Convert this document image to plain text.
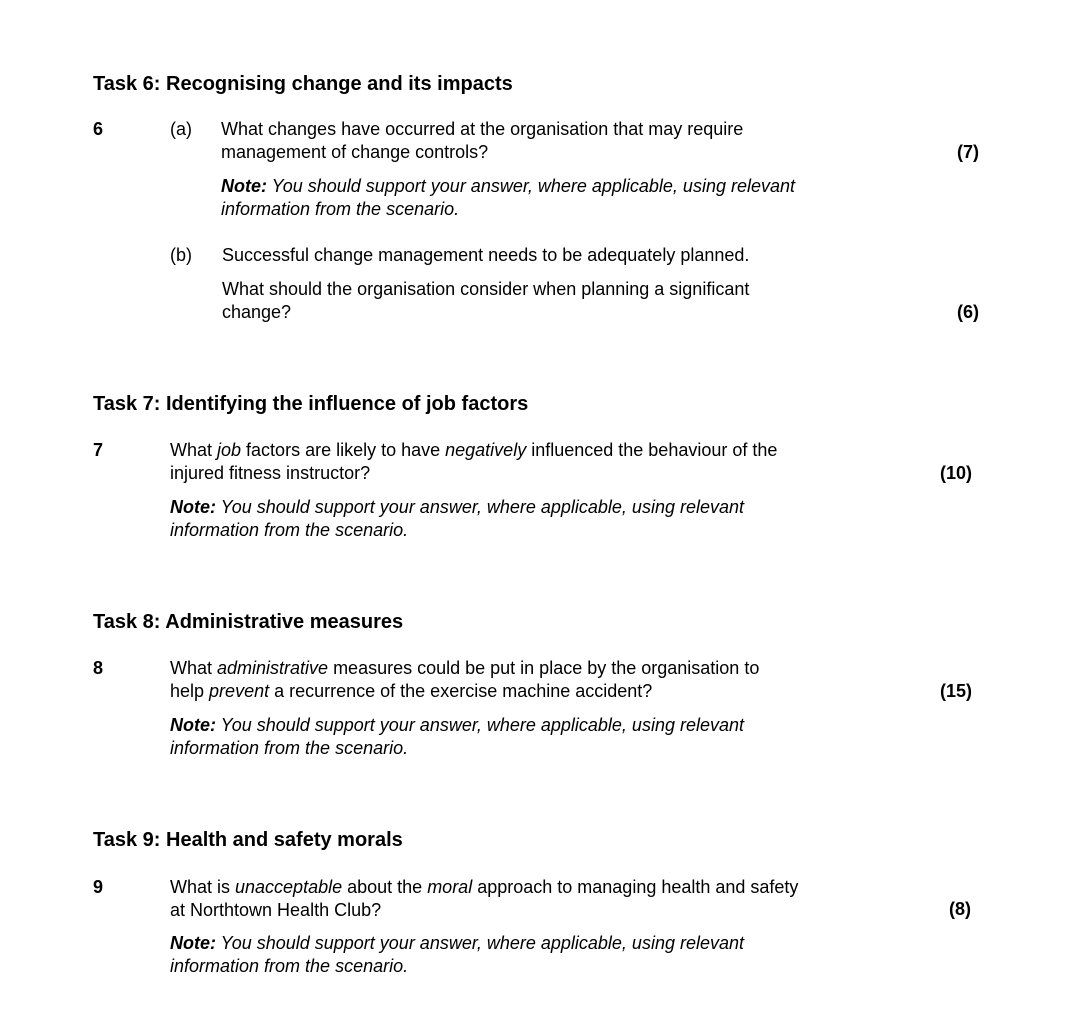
Task 6: Recognising change and its impacts
6	(a) What changes have occurred at the organisation that may require
management of change controls?	(7)
Note: You should support your answer, where applicable, using relevant
information from the scenario.
(b) Successful change management needs to be adequately planned.
What should the organisation consider when planning a significant
change?	(6)
Task 7: Identifying the influence of job factors
7	What job factors are likely to have negatively influenced the behaviour of the
injured fitness instructor?	(10)
Note: You should support your answer, where applicable, using relevant
information from the scenario.
Task 8: Administrative measures
8	What administrative measures could be put in place by the organisation to
help prevent a recurrence of the exercise machine accident?	(15)
Note: You should support your answer, where applicable, using relevant
information from the scenario.
Task 9: Health and safety morals
9	What is unacceptable about the moral approach to managing health and safety
at Northtown Health Club?	(8)
Note: You should support your answer, where applicable, using relevant
information from the scenario.
